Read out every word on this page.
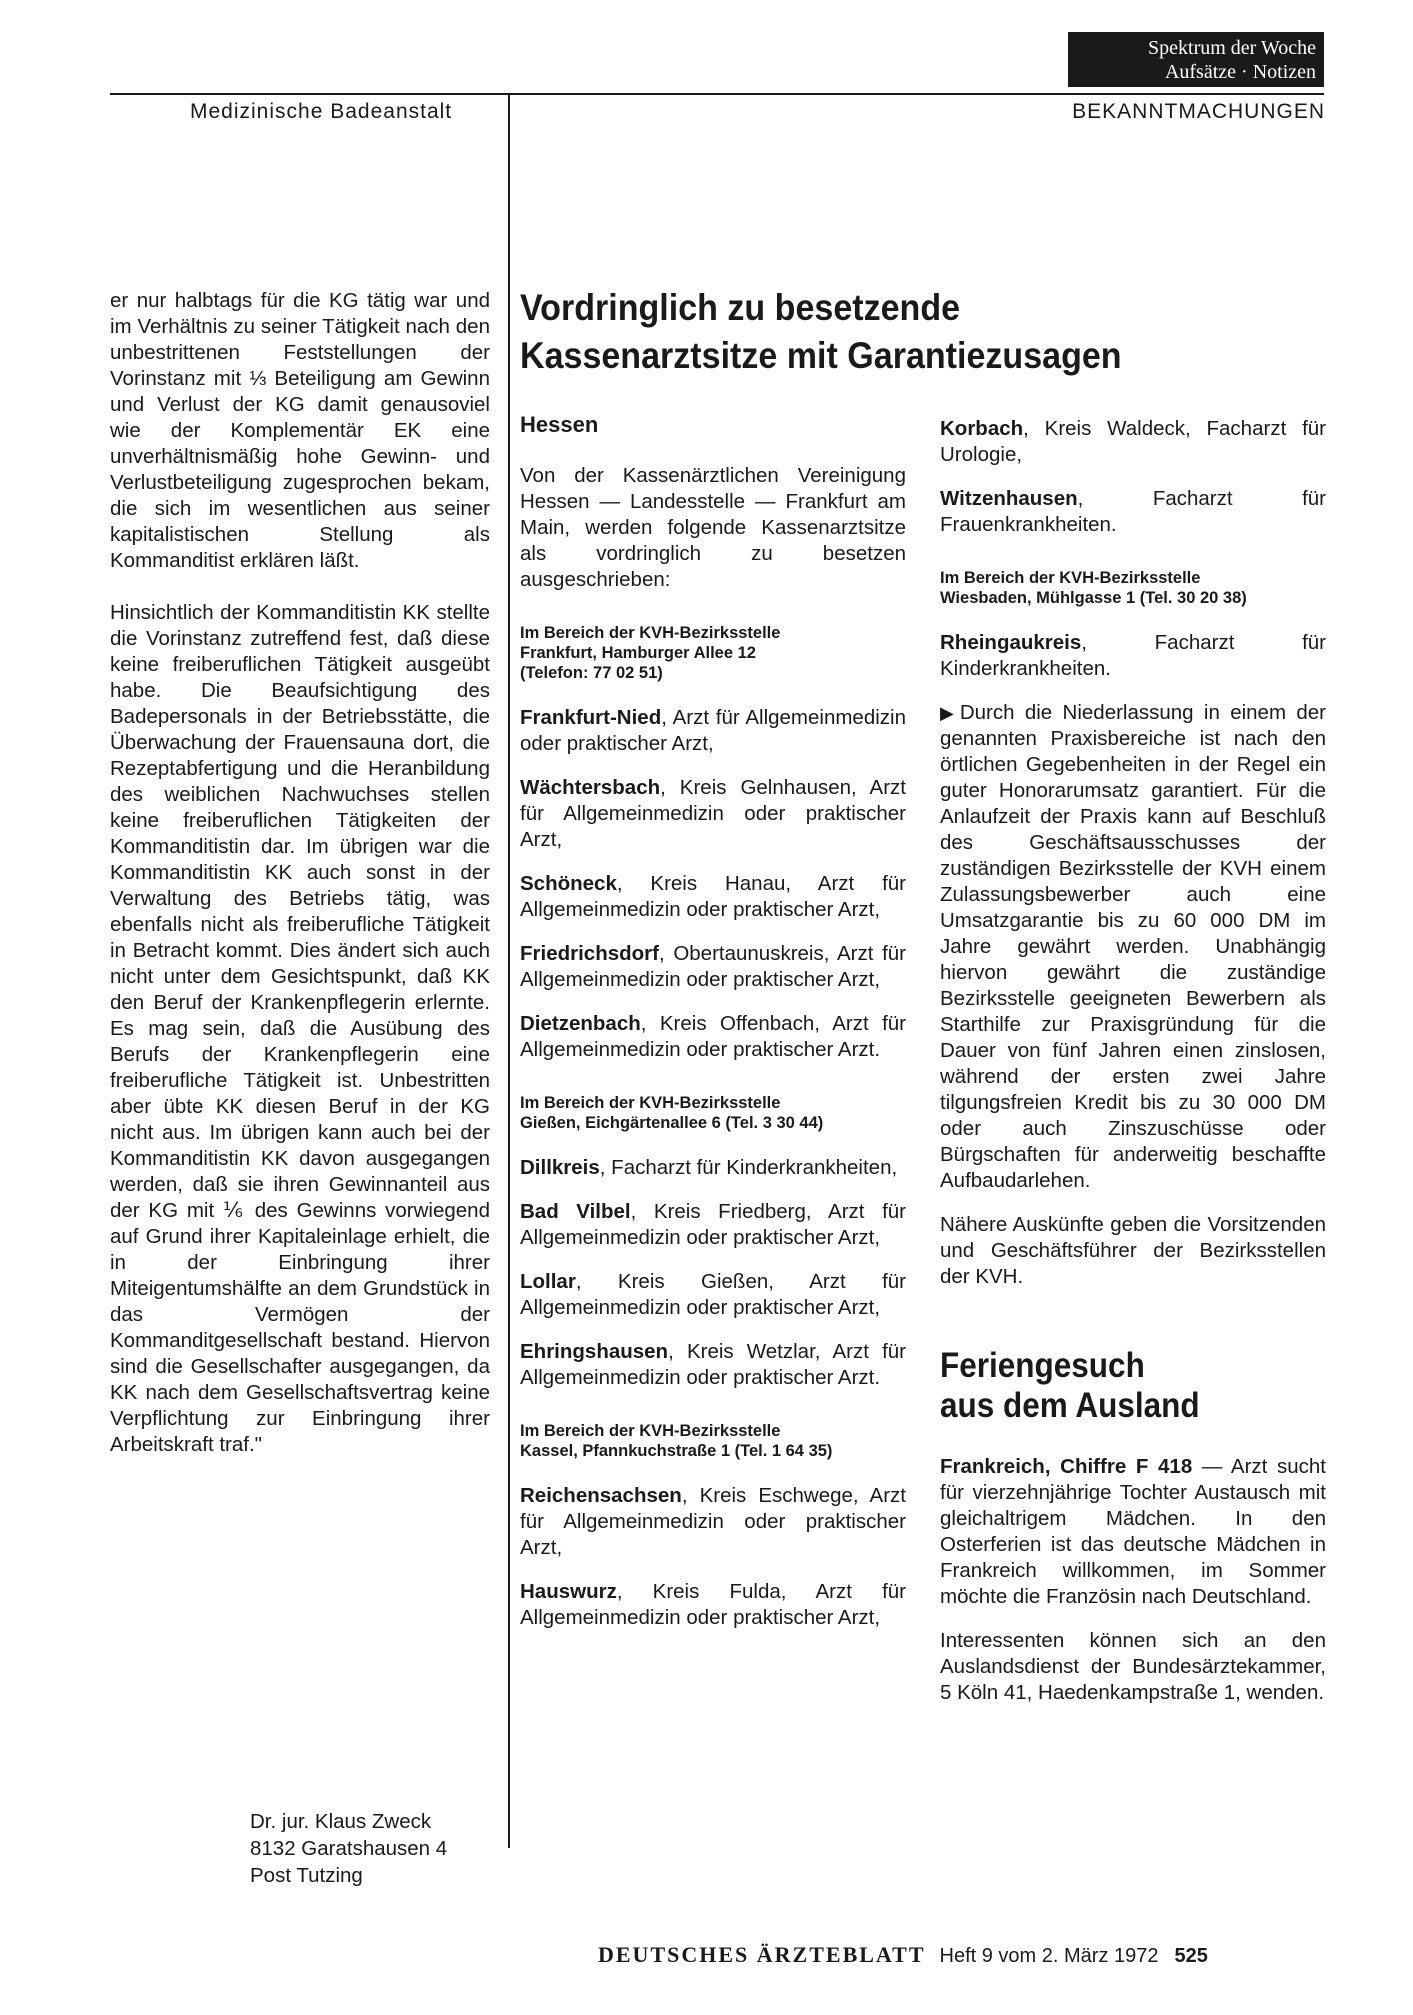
Spektrum der Woche
Aufsätze · Notizen
Medizinische Badeanstalt	BEKANNTMACHUNGEN

er nur halbtags für die KG tätig war und im Verhältnis zu seiner Tätigkeit nach den unbestrittenen Feststellungen der Vorinstanz mit ⅓ Beteiligung am Gewinn und Verlust der KG damit genausoviel wie der Komplementär EK eine unverhältnismäßig hohe Gewinn- und Verlustbeteiligung zugesprochen bekam, die sich im wesentlichen aus seiner kapitalistischen Stellung als Kommanditist erklären läßt.

Hinsichtlich der Kommanditistin KK stellte die Vorinstanz zutreffend fest, daß diese keine freiberuflichen Tätigkeit ausgeübt habe. Die Beaufsichtigung des Badepersonals in der Betriebsstätte, die Überwachung der Frauensauna dort, die Rezeptabfertigung und die Heranbildung des weiblichen Nachwuchses stellen keine freiberuflichen Tätigkeiten der Kommanditistin dar. Im übrigen war die Kommanditistin KK auch sonst in der Verwaltung des Betriebs tätig, was ebenfalls nicht als freiberufliche Tätigkeit in Betracht kommt. Dies ändert sich auch nicht unter dem Gesichtspunkt, daß KK den Beruf der Krankenpflegerin erlernte. Es mag sein, daß die Ausübung des Berufs der Krankenpflegerin eine freiberufliche Tätigkeit ist. Unbestritten aber übte KK diesen Beruf in der KG nicht aus. Im übrigen kann auch bei der Kommanditistin KK davon ausgegangen werden, daß sie ihren Gewinnanteil aus der KG mit ⅙ des Gewinns vorwiegend auf Grund ihrer Kapitaleinlage erhielt, die in der Einbringung ihrer Miteigentumshälfte an dem Grundstück in das Vermögen der Kommanditgesellschaft bestand. Hiervon sind die Gesellschafter ausgegangen, da KK nach dem Gesellschaftsvertrag keine Verpflichtung zur Einbringung ihrer Arbeitskraft traf."

Dr. jur. Klaus Zweck
8132 Garatshausen 4
Post Tutzing
Vordringlich zu besetzende
Kassenarztsitze mit Garantiezusagen
Hessen

Von der Kassenärztlichen Vereinigung Hessen — Landesstelle — Frankfurt am Main, werden folgende Kassenarztsitze als vordringlich zu besetzen ausgeschrieben:

Im Bereich der KVH-Bezirksstelle
Frankfurt, Hamburger Allee 12
(Telefon: 77 02 51)

Frankfurt-Nied, Arzt für Allgemeinmedizin oder praktischer Arzt,

Wächtersbach, Kreis Gelnhausen, Arzt für Allgemeinmedizin oder praktischer Arzt,

Schöneck, Kreis Hanau, Arzt für Allgemeinmedizin oder praktischer Arzt,

Friedrichsdorf, Obertaunuskreis, Arzt für Allgemeinmedizin oder praktischer Arzt,

Dietzenbach, Kreis Offenbach, Arzt für Allgemeinmedizin oder praktischer Arzt.

Im Bereich der KVH-Bezirksstelle
Gießen, Eichgärtenallee 6 (Tel. 3 30 44)

Dillkreis, Facharzt für Kinderkrankheiten,

Bad Vilbel, Kreis Friedberg, Arzt für Allgemeinmedizin oder praktischer Arzt,

Lollar, Kreis Gießen, Arzt für Allgemeinmedizin oder praktischer Arzt,

Ehringshausen, Kreis Wetzlar, Arzt für Allgemeinmedizin oder praktischer Arzt.

Im Bereich der KVH-Bezirksstelle
Kassel, Pfannkuchstraße 1 (Tel. 1 64 35)

Reichensachsen, Kreis Eschwege, Arzt für Allgemeinmedizin oder praktischer Arzt,

Hauswurz, Kreis Fulda, Arzt für Allgemeinmedizin oder praktischer Arzt,

Korbach, Kreis Waldeck, Facharzt für Urologie,

Witzenhausen, Facharzt für Frauenkrankheiten.

Im Bereich der KVH-Bezirksstelle
Wiesbaden, Mühlgasse 1 (Tel. 30 20 38)

Rheingaukreis, Facharzt für Kinderkrankheiten.

▶ Durch die Niederlassung in einem der genannten Praxisbereiche ist nach den örtlichen Gegebenheiten in der Regel ein guter Honorarumsatz garantiert. Für die Anlaufzeit der Praxis kann auf Beschluß des Geschäftsausschusses der zuständigen Bezirksstelle der KVH einem Zulassungsbewerber auch eine Umsatzgarantie bis zu 60 000 DM im Jahre gewährt werden. Unabhängig hiervon gewährt die zuständige Bezirksstelle geeigneten Bewerbern als Starthilfe zur Praxisgründung für die Dauer von fünf Jahren einen zinslosen, während der ersten zwei Jahre tilgungsfreien Kredit bis zu 30 000 DM oder auch Zinszuschüsse oder Bürgschaften für anderweitig beschaffte Aufbaudarlehen.

Nähere Auskünfte geben die Vorsitzenden und Geschäftsführer der Bezirksstellen der KVH.

Feriengesuch
aus dem Ausland

Frankreich, Chiffre F 418 — Arzt sucht für vierzehnjährige Tochter Austausch mit gleichaltrigem Mädchen. In den Osterferien ist das deutsche Mädchen in Frankreich willkommen, im Sommer möchte die Französin nach Deutschland.

Interessenten können sich an den Auslandsdienst der Bundesärztekammer, 5 Köln 41, Haedenkampstraße 1, wenden.

DEUTSCHES ÄRZTEBLATT Heft 9 vom 2. März 1972 525
